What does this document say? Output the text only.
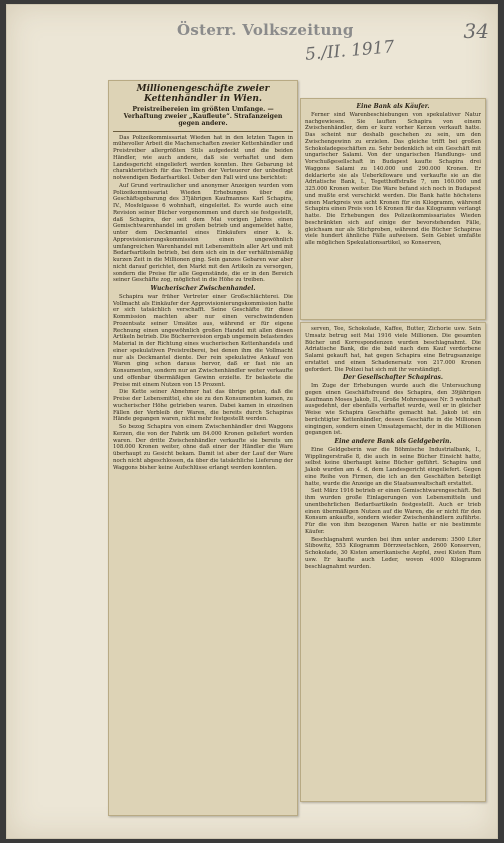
Österr. Volkszeitung
5./II. 1917
34
Millionengeschäfte zweier Kettenhändler in Wien.
Preistreibereien im größten Umfange. — Verhaftung zweier „Kaufleute“. Strafanzeigen gegen andere.

Das Polizeikommissariat Wieden hat in den letzten Tagen in mühevoller Arbeit die Machenschaften zweier Kettenhändler und Preistreiber allergrößten Stils aufgedeckt und die beiden Händler, wie auch andere, daß sie verhaftet und dem Landesgericht eingeliefert werden konnten. Ihre Gebarung ist charakteristisch für das Treiben der Verteuerer der unbedingt notwendigen Bedarfsartikel. Ueber den Fall wird uns berichtet:

Auf Grund vertraulicher und anonymer Anzeigen wurden vom Polizeikommissariat Wieden Erhebungen über die Geschäftsgebarung des 37jährigen Kaufmannes Karl Schapira, IV., Mosfelgasse 6 wohnhaft, eingeleitet. Es wurde auch eine Revision seiner Bücher vorgenommen und durch sie festgestellt, daß Schapira, der seit dem Mai vorigen Jahres einen Gemischtwarenhandel im großen betrieb und angemeldet hatte, unter dem Deckmantel eines Einkäufers einer k. k. Approvisionierungskommission einen ungewöhnlich umfangreichen Warenhandel mit Lebensmitteln aller Art und mit Bedarfsartikeln betrieb, bei dem sich ein in der verhältnismäßig kurzen Zeit in die Millionen ging. Sein ganzes Gebaren war aber nicht darauf gerichtet, den Markt mit den Artikeln zu versorgen, sondern die Preise für alle Gegenstände, die er in den Bereich seiner Geschäfte zog, möglichst in die Höhe zu treiben.

Wucherischer Zwischenhandel.

Schapira war früher Vertreter einer Großschlächterei. Die Vollmacht als Einkäufer der Approvisionierungskommission hatte er sich tatsächlich verschafft. Seine Geschäfte für diese Kommission machten aber nur einen verschwindenden Prozentsatz seiner Umsätze aus, während er für eigene Rechnung einen ungewöhnlich großen Handel mit allen diesen Artikeln betrieb. Die Bücherrevision ergab ungemein belastendes Material in der Richtung eines wucherischen Kettenhandels und einer spekulativen Preistreiberei, bei denen ihm die Vollmacht nur als Deckmantel diente. Der rein spekulative Ankauf von Waren ging schon daraus hervor, daß er fast nie an Konsumenten, sondern nur an Zwischenhändler weiter verkaufte und offenbar übermäßigen Gewinn erzielte. Er belastete die Preise mit einem Nutzen von 15 Prozent.

Die Kette seiner Abnehmer hat das übrige getan, daß die Preise der Lebensmittel, ehe sie zu den Konsumenten kamen, zu wucherischer Höhe getrieben waren. Dabei kamen in einzelnen Fällen der Verbleib der Waren, die bereits durch Schapiras Hände gegangen waren, nicht mehr festgestellt werden.

So bezog Schapira von einem Zwischenhändler drei Waggons Kerzen, die von der Fabrik um 84.000 Kronen geliefert worden waren. Der dritte Zwischenhändler verkaufte sie bereits um 108.000 Kronen weiter, ohne daß einer der Händler die Ware überhaupt zu Gesicht bekam. Damit ist aber der Lauf der Ware noch nicht abgeschlossen, da über die tatsächliche Lieferung der Waggons bisher keine Aufschlüsse erlangt werden konnten.

Eine Bank als Käufer.

Ferner sind Warenbeschiebungen von spekulativer Natur nachgewiesen. Sie lauften Schapira von einem Zwischenhändler, dem er kurz vorher Kerzen verkauft hatte. Das scheint nur deshalb geschehen zu sein, um den Zwischengewinn zu erzielen. Das gleiche trifft bei großen Schokoladegeschäften zu. Sehr bedenklich ist ein Geschäft mit ungarischer Salami. Von der ungarischen Handlungs- und Vorschußgesellschaft in Budapest kaufte Schapira drei Waggons Salami zu 140.000 und 290.000 Kronen. Er deklarierte sie als Ueberkiloware und verkaufte sie an die Adriatische Bank, I., Tegetthoffstraße 7, um 160.000 und 325.000 Kronen weiter. Die Ware befand sich noch in Budapest und mußte erst verschickt werden. Die Bank hatte höchstens einen Markpreis von acht Kronen für ein Kilogramm, während Schapira einen Preis von 16 Kronen für das Kilogramm verlangt hatte. Die Erhebungen des Polizeikommissariates Wieden beschränkten sich auf einige der bevorstehenden Fälle, gleichsam nur als Stichproben, während die Bücher Schapiras viele hundert ähnliche Fälle aufweisen. Sein Gebiet umfaßte alle möglichen Spekulationsartikel, so Konserven,

serven, Tee, Schokolade, Kaffee, Butter, Zichorie usw. Sein Umsatz betrug seit Mai 1916 viele Millionen. Die gesamten Bücher und Korrespondenzen wurden beschlagnahmt. Die Adriatische Bank, die die bald nach dem Kauf verdorbene Salami gekauft hat, hat gegen Schapira eine Betrugsanzeige erstattet und einen Schadenersatz von 217.000 Kronen gefordert. Die Polizei hat sich mit ihr verständigt.

Der Gesellschafter Schapiras.

Im Zuge der Erhebungen wurde auch die Untersuchung gegen einen Geschäftsfreund des Schapira, den 39jährigen Kaufmann Moses Jakob, II., Große Mohrengasse Nr. 5 wohnhaft ausgedehnt, der ebenfalls verhaftet wurde, weil er in gleicher Weise wie Schapira Geschäfte gemacht hat. Jakob ist ein berüchtigter Kettenhändler, dessen Geschäfte in die Millionen eingingen, sondern einen Umsatzgemacht, der in die Millionen gegangen ist.

Eine andere Bank als Geldgeberin.

Eine Geldgeberin war die Böhmische Industrialbank, I., Wipplingerstraße 8, die auch in seine Bücher Einsicht hatte, selbst keine überhaupt keine Bücher geführt. Schapira und Jakob wurden am 4. d. dem Landesgericht eingeliefert. Gegen eine Reihe von Firmen, die ich an den Geschäften beteiligt hatte, wurde die Anzeige an die Staatsanwaltschaft erstattet.

Seit März 1916 betrieb er einen Gemischtwarengeschäft. Bei ihm wurden große Einlagerungen von Lebensmitteln und unentbehrlichen Bedarfsartikeln festgestellt. Auch er trieb einen übermäßigen Nutzen auf die Waren, die er nicht für den Konsum ankaufte, sondern wieder Zwischenhändlern zuführte. Für die von ihm bezogenen Waren hatte er nie bestimmte Käufer.

Beschlagnahmt wurden bei ihm unter anderem: 3500 Liter Slibowitz, 553 Kilogramm Dörrzwetschken, 2600 Konserven, Schokolade, 30 Kisten amerikanische Aepfel, zwei Kisten Rum usw. Er kaufte auch Leder, wovon 4000 Kilogramm beschlagnahmt wurden.
